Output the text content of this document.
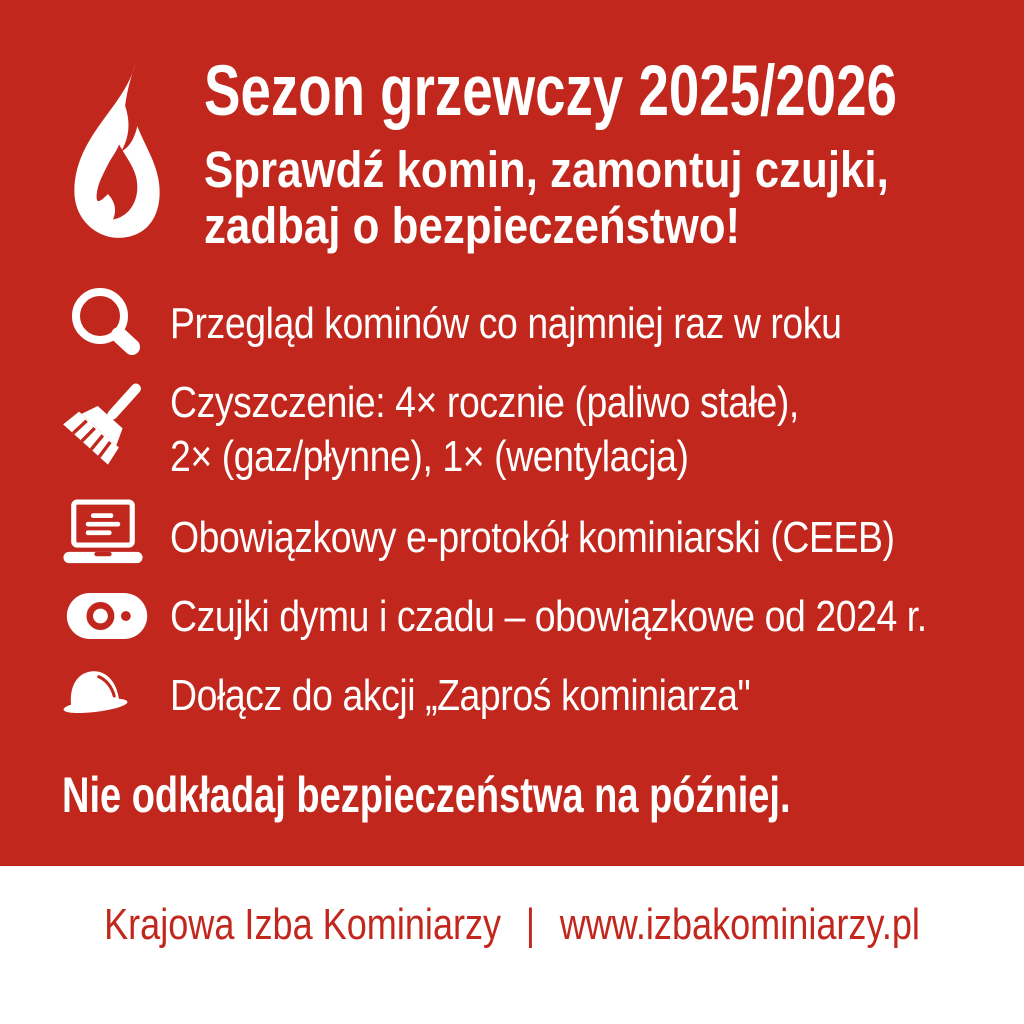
Sezon grzewczy 2025/2026
Sprawdź komin, zamontuj czujki,
zadbaj o bezpieczeństwo!
Przegląd kominów co najmniej raz w roku
Czyszczenie: 4× rocznie (paliwo stałe),
2× (gaz/płynne), 1× (wentylacja)
Obowiązkowy e-protokół kominiarski (CEEB)
Czujki dymu i czadu – obowiązkowe od 2024 r.
Dołącz do akcji „Zaproś kominiarza"
Nie odkładaj bezpieczeństwa na później.
Krajowa Izba Kominiarzy | www.izbakominiarzy.pl
